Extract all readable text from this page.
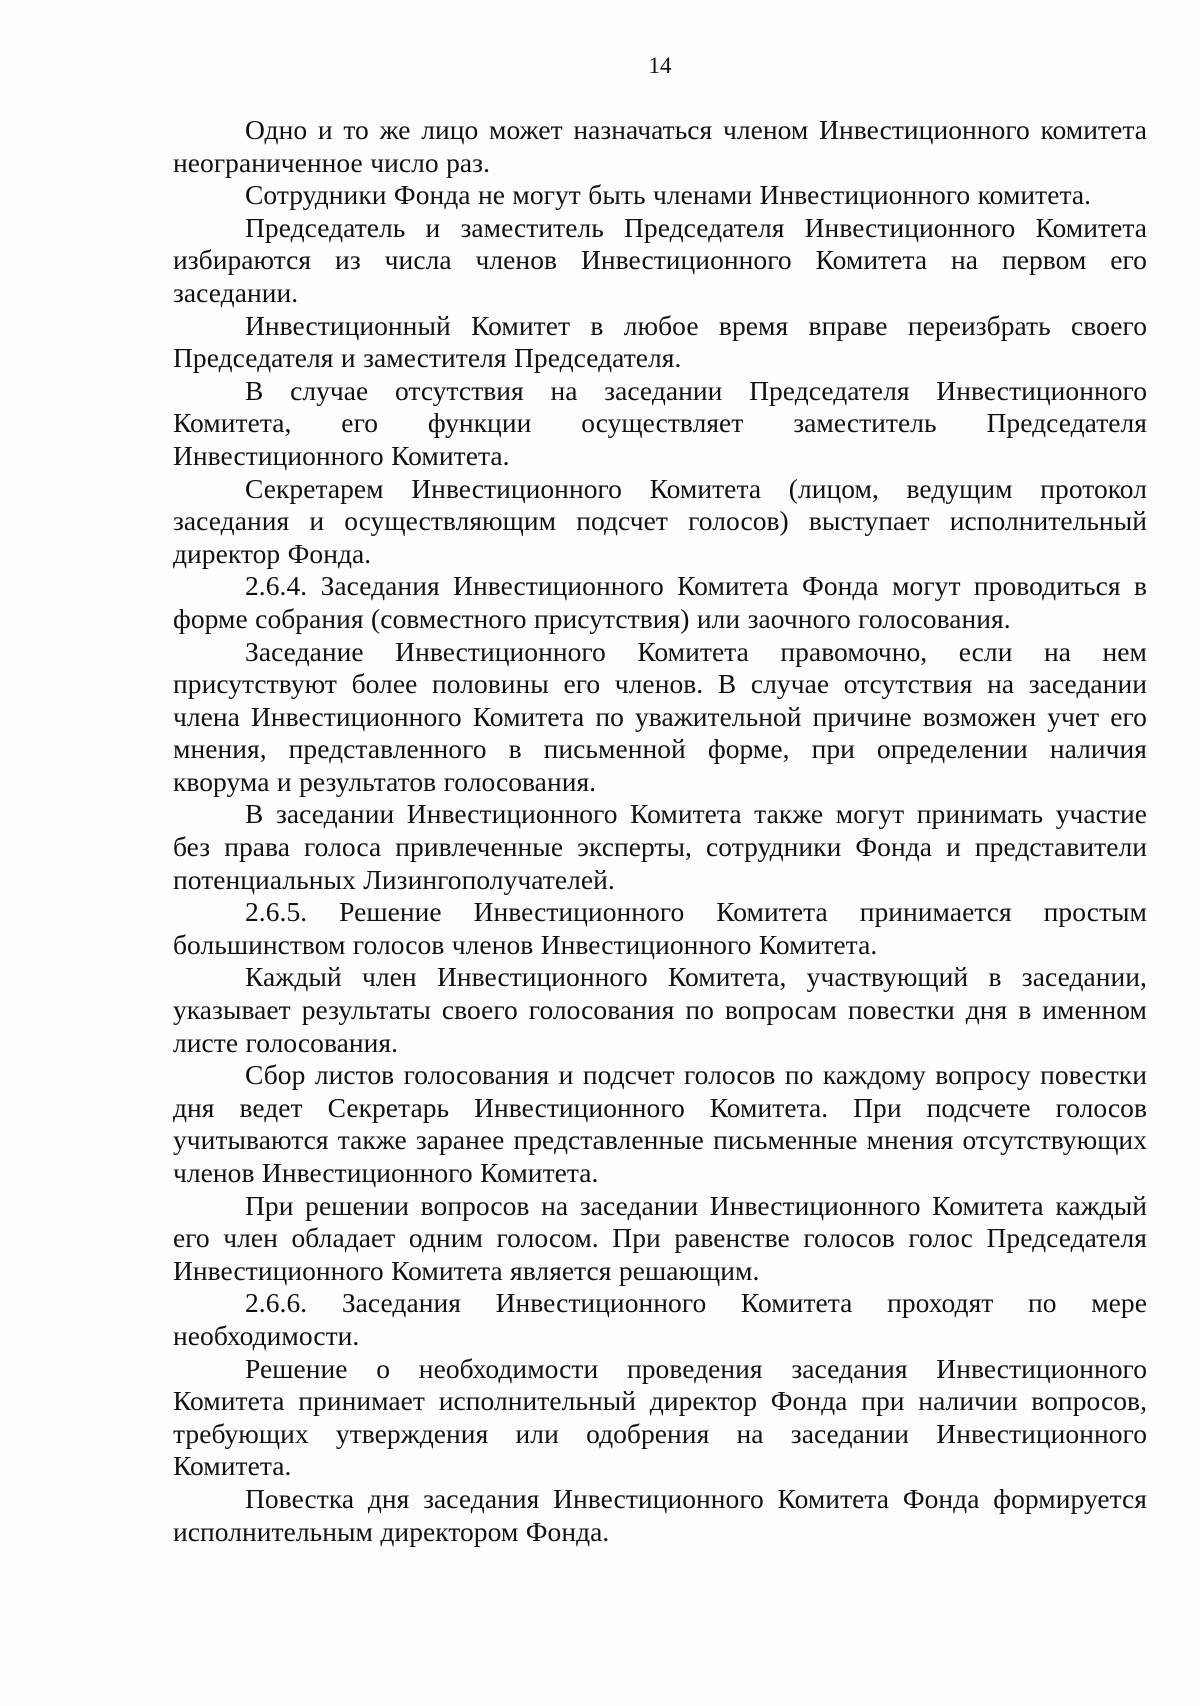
14

Одно и то же лицо может назначаться членом Инвестиционного комитета неограниченное число раз.

Сотрудники Фонда не могут быть членами Инвестиционного комитета.

Председатель и заместитель Председателя Инвестиционного Комитета избираются из числа членов Инвестиционного Комитета на первом его заседании.

Инвестиционный Комитет в любое время вправе переизбрать своего Председателя и заместителя Председателя.

В случае отсутствия на заседании Председателя Инвестиционного Комитета, его функции осуществляет заместитель Председателя Инвестиционного Комитета.

Секретарем Инвестиционного Комитета (лицом, ведущим протокол заседания и осуществляющим подсчет голосов) выступает исполнительный директор Фонда.

2.6.4. Заседания Инвестиционного Комитета Фонда могут проводиться в форме собрания (совместного присутствия) или заочного голосования.

Заседание Инвестиционного Комитета правомочно, если на нем присутствуют более половины его членов. В случае отсутствия на заседании члена Инвестиционного Комитета по уважительной причине возможен учет его мнения, представленного в письменной форме, при определении наличия кворума и результатов голосования.

В заседании Инвестиционного Комитета также могут принимать участие без права голоса привлеченные эксперты, сотрудники Фонда и представители потенциальных Лизингополучателей.

2.6.5. Решение Инвестиционного Комитета принимается простым большинством голосов членов Инвестиционного Комитета.

Каждый член Инвестиционного Комитета, участвующий в заседании, указывает результаты своего голосования по вопросам повестки дня в именном листе голосования.

Сбор листов голосования и подсчет голосов по каждому вопросу повестки дня ведет Секретарь Инвестиционного Комитета. При подсчете голосов учитываются также заранее представленные письменные мнения отсутствующих членов Инвестиционного Комитета.

При решении вопросов на заседании Инвестиционного Комитета каждый его член обладает одним голосом. При равенстве голосов голос Председателя Инвестиционного Комитета является решающим.

2.6.6. Заседания Инвестиционного Комитета проходят по мере необходимости.

Решение о необходимости проведения заседания Инвестиционного Комитета принимает исполнительный директор Фонда при наличии вопросов, требующих утверждения или одобрения на заседании Инвестиционного Комитета.

Повестка дня заседания Инвестиционного Комитета Фонда формируется исполнительным директором Фонда.
